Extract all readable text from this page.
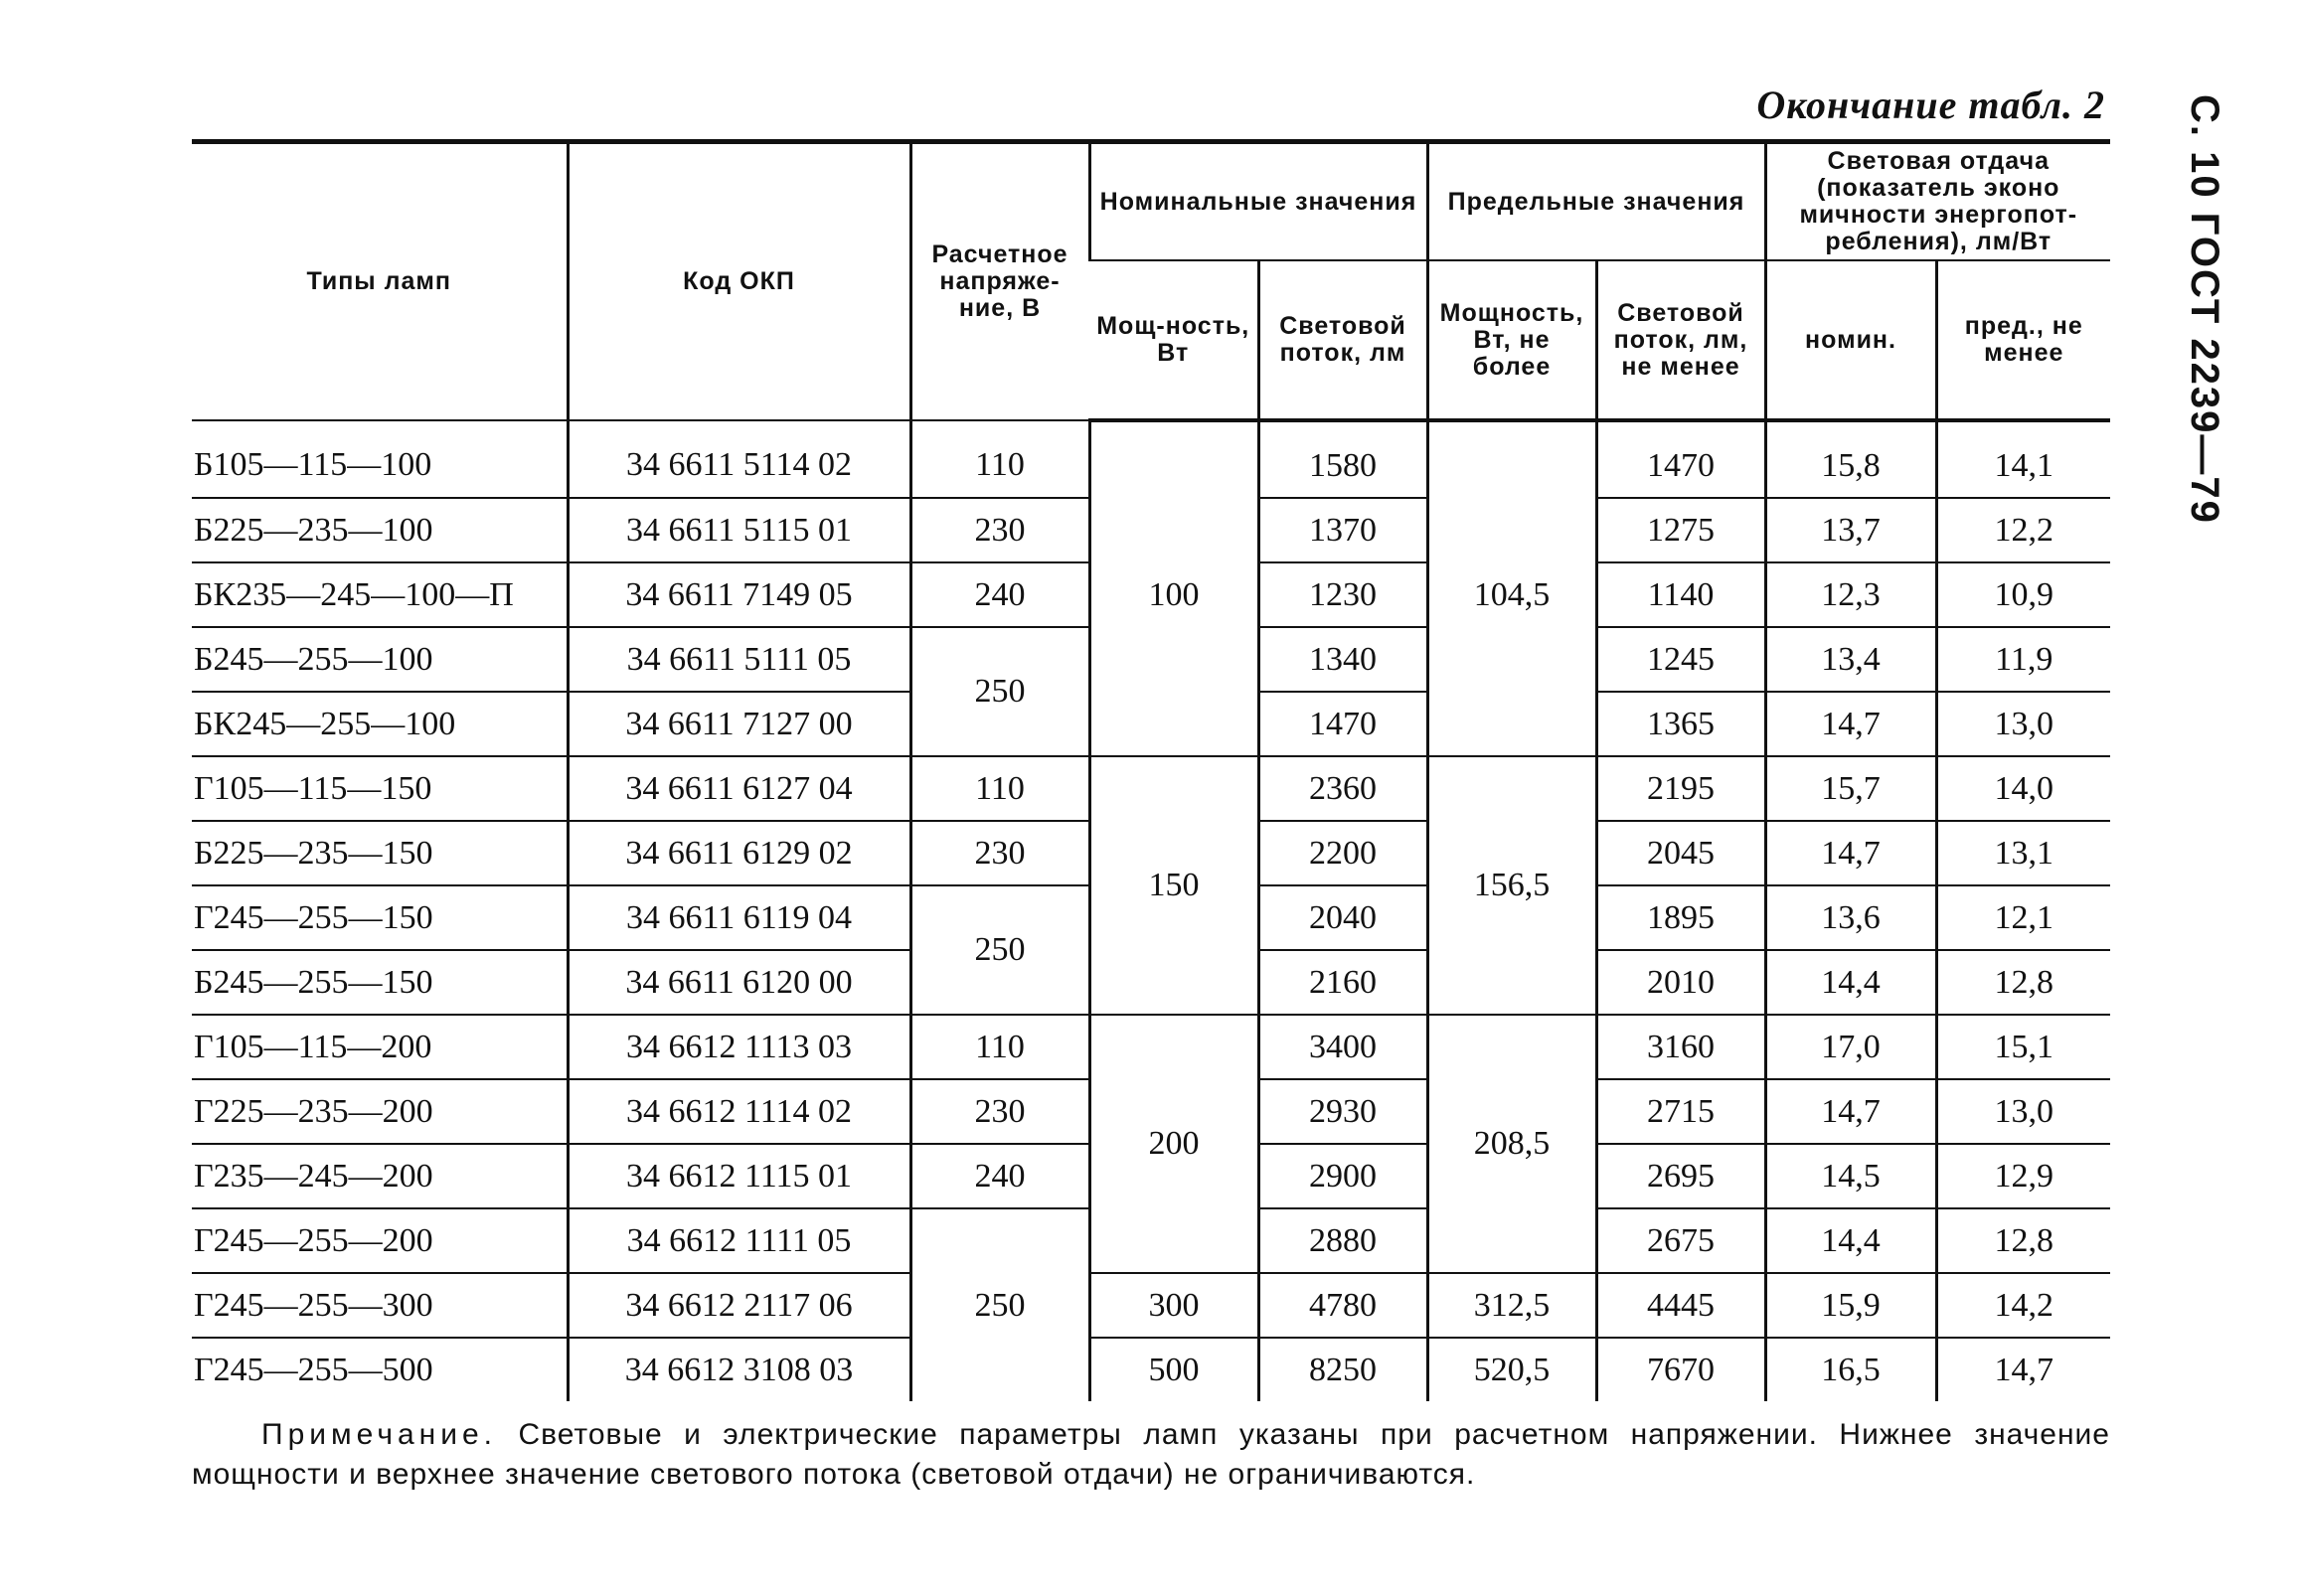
Окончание табл. 2 С. 10 ГОСТ 2239—79
Типы ламп	Код ОКП	Расчетное напряже-ние, В	Номинальные значения		Предельные значения		Световая отдача (показатель эконо мичности энергопот-ребления), лм/Вт	
			Мощ-ность, Вт	Световой поток, лм	Мощность, Вт, не более	Световой поток, лм, не менее	номин.	пред., не менее
Б105—115—100	34 6611 5114 02	110	100	1580	104,5	1470	15,8	14,1
Б225—235—100	34 6611 5115 01	230		1370		1275	13,7	12,2
БК235—245—100—П	34 6611 7149 05	240		1230		1140	12,3	10,9
Б245—255—100	34 6611 5111 05	250		1340		1245	13,4	11,9
БК245—255—100	34 6611 7127 00			1470		1365	14,7	13,0
Г105—115—150	34 6611 6127 04	110	150	2360	156,5	2195	15,7	14,0
Б225—235—150	34 6611 6129 02	230		2200		2045	14,7	13,1
Г245—255—150	34 6611 6119 04	250		2040		1895	13,6	12,1
Б245—255—150	34 6611 6120 00			2160		2010	14,4	12,8
Г105—115—200	34 6612 1113 03	110	200	3400	208,5	3160	17,0	15,1
Г225—235—200	34 6612 1114 02	230		2930		2715	14,7	13,0
Г235—245—200	34 6612 1115 01	240		2900		2695	14,5	12,9
Г245—255—200	34 6612 1111 05	250		2880		2675	14,4	12,8
Г245—255—300	34 6612 2117 06		300	4780	312,5	4445	15,9	14,2
Г245—255—500	34 6612 3108 03		500	8250	520,5	7670	16,5	14,7
Примечание. Световые и электрические параметры ламп указаны при расчетном напряжении. Нижнее значение мощности и верхнее значение светового потока (световой отдачи) не ограничиваются.
